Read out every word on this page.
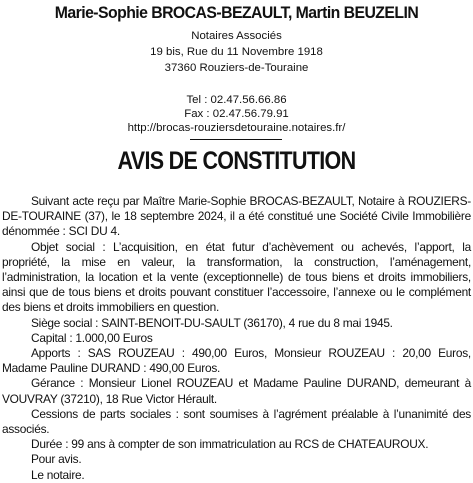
Marie-Sophie BROCAS-BEZAULT, Martin BEUZELIN
Notaires Associés
19 bis, Rue du 11 Novembre 1918
37360 Rouziers-de-Touraine
Tel : 02.47.56.66.86
Fax : 02.47.56.79.91
http://brocas-rouziersdetouraine.notaires.fr/
AVIS DE CONSTITUTION

Suivant acte reçu par Maître Marie-Sophie BROCAS-BEZAULT, Notaire à ROUZIERS-DE-TOURAINE (37), le 18 septembre 2024, il a été constitué une Société Civile Immobilière dénommée : SCI DU 4.

Objet social : L’acquisition, en état futur d’achèvement ou achevés, l’apport, la propriété, la mise en valeur, la transformation, la construction, l’aménagement, l’administration, la location et la vente (exceptionnelle) de tous biens et droits immobiliers, ainsi que de tous biens et droits pouvant constituer l’accessoire, l’annexe ou le complément des biens et droits immobiliers en question.

Siège social : SAINT-BENOIT-DU-SAULT (36170), 4 rue du 8 mai 1945.

Capital : 1.000,00 Euros

Apports : SAS ROUZEAU : 490,00 Euros, Monsieur ROUZEAU : 20,00 Euros, Madame Pauline DURAND : 490,00 Euros.

Gérance : Monsieur Lionel ROUZEAU et Madame Pauline DURAND, demeurant à VOUVRAY (37210), 18 Rue Victor Hérault.

Cessions de parts sociales : sont soumises à l’agrément préalable à l’unanimité des associés.

Durée : 99 ans à compter de son immatriculation au RCS de CHATEAUROUX.

Pour avis.

Le notaire.
